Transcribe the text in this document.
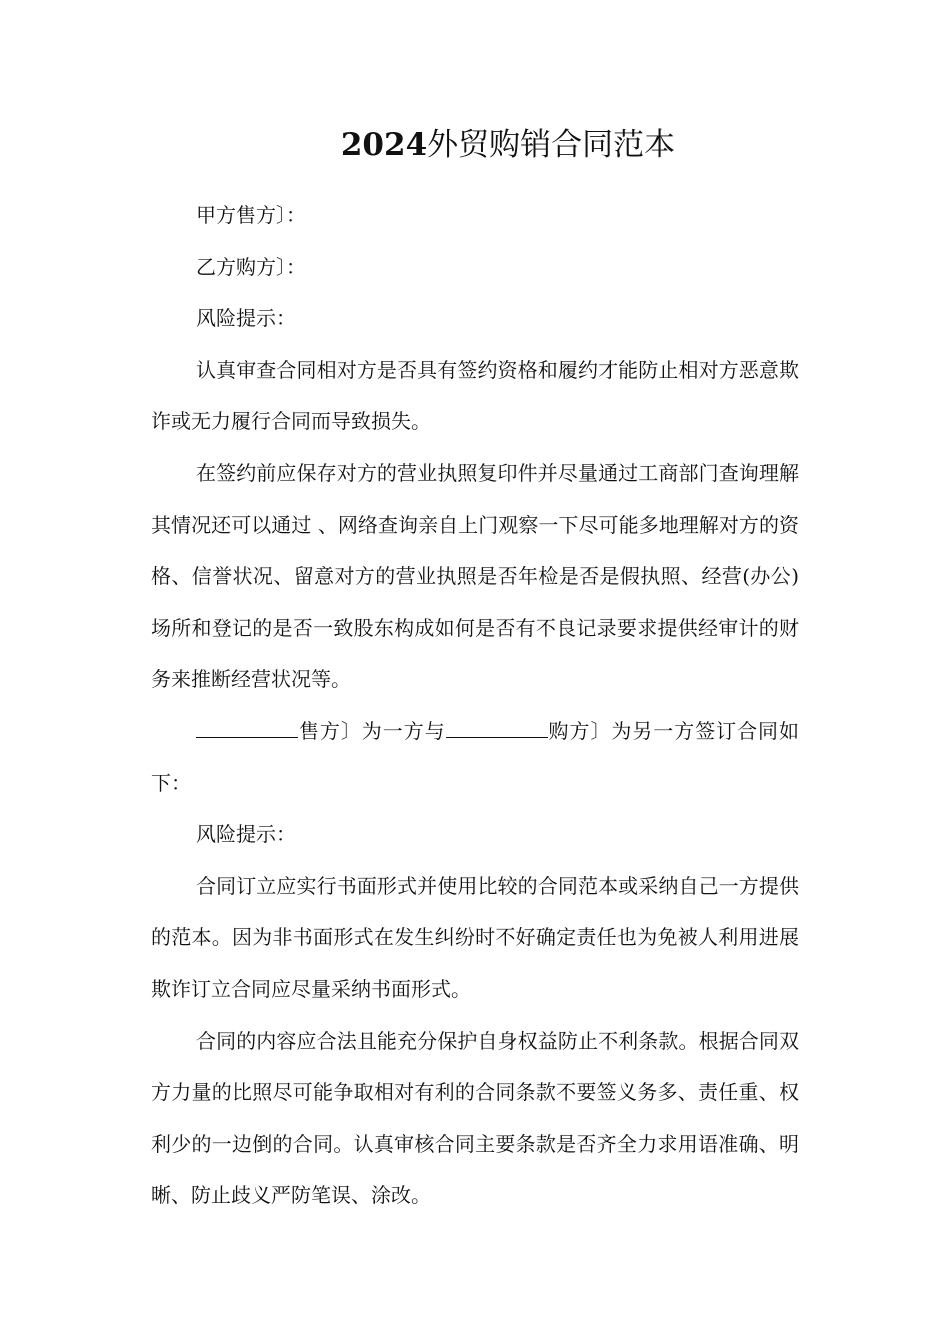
2024外贸购销合同范本

甲方售方〕：

乙方购方〕：

风险提示：

认真审查合同相对方是否具有签约资格和履约才能防止相对方恶意欺诈或无力履行合同而导致损失。

在签约前应保存对方的营业执照复印件并尽量通过工商部门查询理解其情况还可以通过 、网络查询亲自上门观察一下尽可能多地理解对方的资格、信誉状况、留意对方的营业执照是否年检是否是假执照、经营(办公)场所和登记的是否一致股东构成如何是否有不良记录要求提供经审计的财务来推断经营状况等。

售方〕为一方与	购方〕为另一方签订合同如下：

风险提示：

合同订立应实行书面形式并使用比较的合同范本或采纳自己一方提供的范本。因为非书面形式在发生纠纷时不好确定责任也为免被人利用进展欺诈订立合同应尽量采纳书面形式。

合同的内容应合法且能充分保护自身权益防止不利条款。根据合同双方力量的比照尽可能争取相对有利的合同条款不要签义务多、责任重、权利少的一边倒的合同。认真审核合同主要条款是否齐全力求用语准确、明晰、防止歧义严防笔误、涂改。
